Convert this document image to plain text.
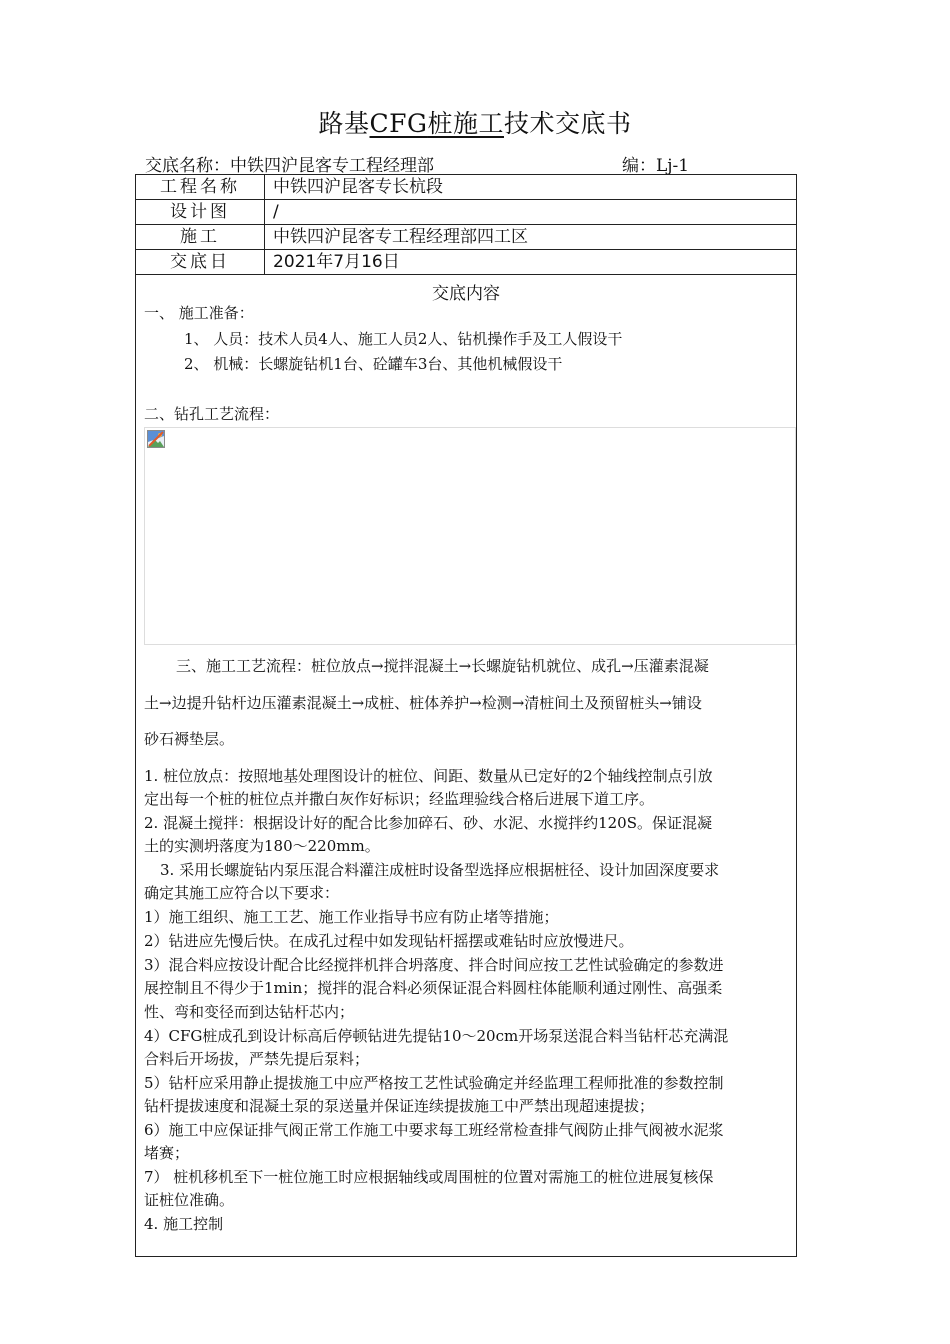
路基CFG桩施工技术交底书
交底名称：中铁四沪昆客专工程经理部	编：Lj-1
工程名称	中铁四沪昆客专长杭段
设计图	/
施工	中铁四沪昆客专工程经理部四工区
交底日	2021年7月16日
交底内容
一、 施工准备：
1、 人员：技术人员4人、施工人员2人、钻机操作手及工人假设干
2、 机械：长螺旋钻机1台、砼罐车3台、其他机械假设干
二、钻孔工艺流程：
三、施工工艺流程：桩位放点→搅拌混凝土→长螺旋钻机就位、成孔→压灌素混凝
土→边提升钻杆边压灌素混凝土→成桩、桩体养护→检测→清桩间土及预留桩头→铺设
砂石褥垫层。
1. 桩位放点：按照地基处理图设计的桩位、间距、数量从已定好的2个轴线控制点引放
定出每一个桩的桩位点并撒白灰作好标识；经监理验线合格后进展下道工序。
2. 混凝土搅拌：根据设计好的配合比参加碎石、砂、水泥、水搅拌约120S。保证混凝
土的实测坍落度为180～220mm。
3. 采用长螺旋钻内泵压混合料灌注成桩时设备型选择应根据桩径、设计加固深度要求
确定其施工应符合以下要求：
1）施工组织、施工工艺、施工作业指导书应有防止堵等措施；
2）钻进应先慢后快。在成孔过程中如发现钻杆摇摆或难钻时应放慢进尺。
3）混合料应按设计配合比经搅拌机拌合坍落度、拌合时间应按工艺性试验确定的参数进
展控制且不得少于1min；搅拌的混合料必须保证混合料圆柱体能顺利通过刚性、高强柔
性、弯和变径而到达钻杆芯内；
4）CFG桩成孔到设计标高后停顿钻进先提钻10～20cm开场泵送混合料当钻杆芯充满混
合料后开场拔，严禁先提后泵料；
5）钻杆应采用静止提拔施工中应严格按工艺性试验确定并经监理工程师批准的参数控制
钻杆提拔速度和混凝土泵的泵送量并保证连续提拔施工中严禁出现超速提拔；
6）施工中应保证排气阀正常工作施工中要求每工班经常检查排气阀防止排气阀被水泥浆
堵赛；
7） 桩机移机至下一桩位施工时应根据轴线或周围桩的位置对需施工的桩位进展复核保
证桩位准确。
4. 施工控制
